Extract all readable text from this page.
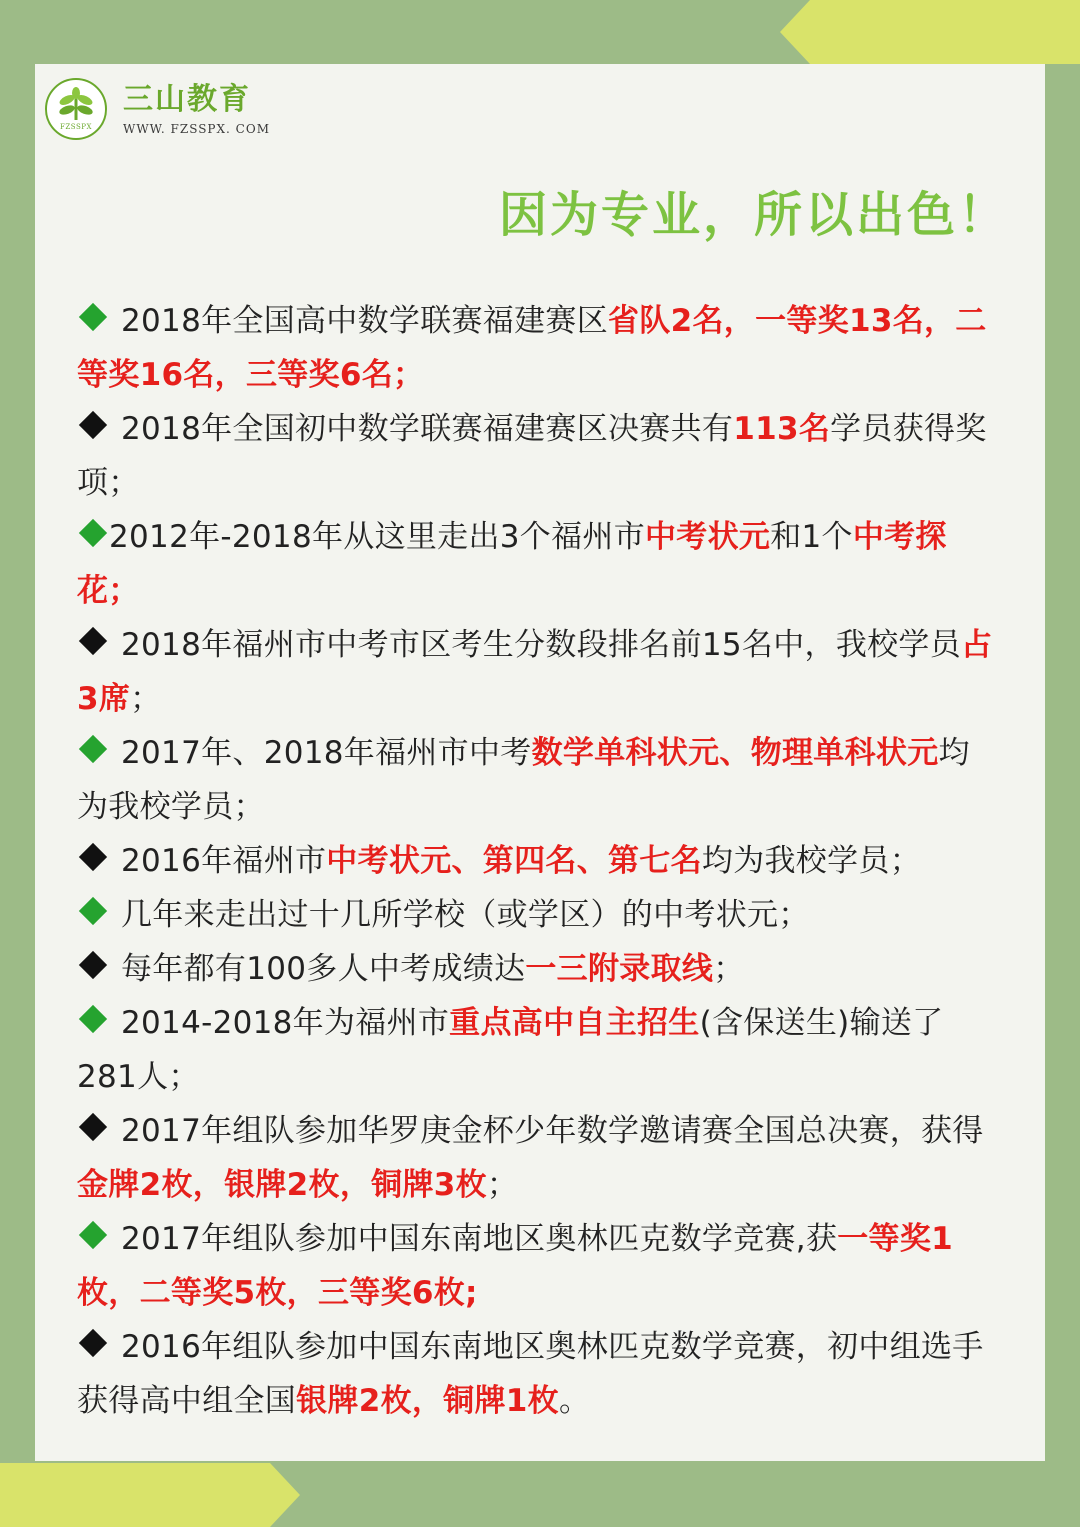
FZSSPX
三山教育
WWW. FZSSPX. COM
因为专业，所以出色！
2018年全国高中数学联赛福建赛区省队2名，一等奖13名，二等奖16名，三等奖6名；
2018年全国初中数学联赛福建赛区决赛共有113名学员获得奖项；
2012年-2018年从这里走出3个福州市中考状元和1个中考探花；
2018年福州市中考市区考生分数段排名前15名中，我校学员占3席；
2017年、2018年福州市中考数学单科状元、物理单科状元均为我校学员；
2016年福州市中考状元、第四名、第七名均为我校学员；
几年来走出过十几所学校（或学区）的中考状元；
每年都有100多人中考成绩达一三附录取线；
2014-2018年为福州市重点高中自主招生(含保送生)输送了281人；
2017年组队参加华罗庚金杯少年数学邀请赛全国总决赛，获得金牌2枚，银牌2枚，铜牌3枚；
2017年组队参加中国东南地区奥林匹克数学竞赛,获一等奖1枚，二等奖5枚，三等奖6枚;
2016年组队参加中国东南地区奥林匹克数学竞赛，初中组选手获得高中组全国银牌2枚，铜牌1枚。
